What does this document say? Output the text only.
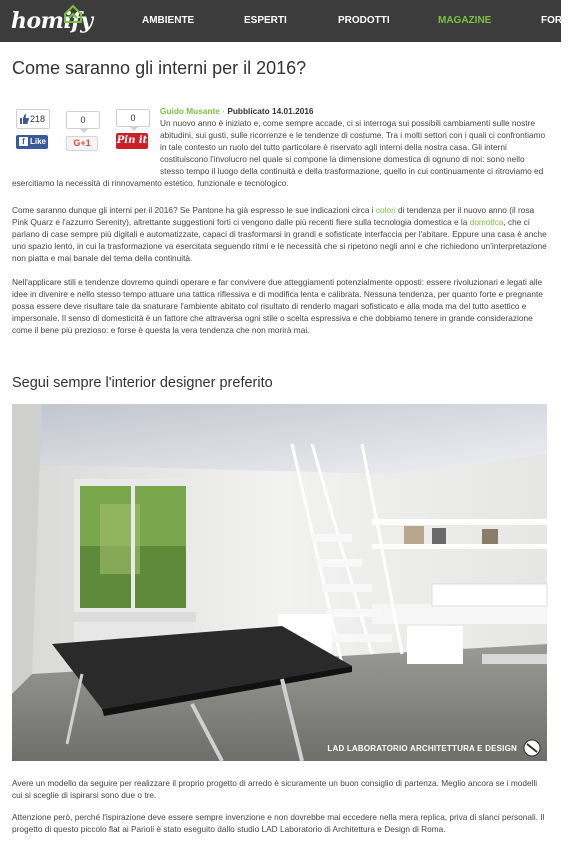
homify	AMBIENTE	ESPERTI	PRODOTTI	MAGAZINE	FORUM
Come saranno gli interni per il 2016?
218
f Like
0
G+1
0
Pin it
Guido Musante · Pubblicato 14.01.2016
Un nuovo anno è iniziato e, come sempre accade, ci si interroga sui possibili cambiamenti sulle nostre abitudini, sui gusti, sulle ricorrenze e le tendenze di costume. Tra i molti settori con i quali ci confrontiamo in tale contesto un ruolo del tutto particolare è riservato agli interni della nostra casa. Gli interni costituiscono l'involucro nel quale si compone la dimensione domestica di ognuno di noi: sono nello stesso tempo il luogo della continuità e della trasformazione, quello in cui continuamente ci ritroviamo ed esercitiamo la necessità di rinnovamento estetico, funzionale e tecnologico.

Come saranno dunque gli interni per il 2016? Se Pantone ha già espresso le sue indicazioni circa i colori di tendenza per il nuovo anno (il rosa Pink Quarz e l'azzurro Serenity), altrettante suggestioni forti ci vengono dalle più recenti fiere sulla tecnologia domestica e la domotica, che ci parlano di case sempre più digitali e automatizzate, capaci di trasformarsi in grandi e sofisticate interfaccia per l'abitare. Eppure una casa è anche uno spazio lento, in cui la trasformazione va esercitata seguendo ritmi e le necessità che si ripetono negli anni e che richiedono un'interpretazione non piatta e mai banale del tema della continuità.

Nell'applicare stili e tendenze dovremo quindi operare e far convivere due atteggiamenti potenzialmente opposti: essere rivoluzionari e legati alle idee in divenire e nello stesso tempo attuare una tattica riflessiva e di modifica lenta e calibrata. Nessuna tendenza, per quanto forte e pregnante possa essere deve risultare tale da snaturare l'ambiente abitato col risultato di renderlo magari sofisticato e alla moda ma del tutto asettico e impersonale. Il senso di domesticità è un fattore che attraversa ogni stile o scelta espressiva e che dobbiamo tenere in grande considerazione come il bene più prezioso: e forse è questa la vera tendenza che non morirà mai.

Segui sempre l'interior designer preferito
LAD LABORATORIO ARCHITETTURA E DESIGN

Avere un modello da seguire per realizzare il proprio progetto di arredo è sicuramente un buon consiglio di partenza. Meglio ancora se i modelli cui si sceglie di ispirarsi sono due o tre.

Attenzione però, perché l'ispirazione deve essere sempre invenzione e non dovrebbe mai eccedere nella mera replica, priva di slanci personali. Il progetto di questo piccolo flat ai Parioli è stato eseguito dallo studio LAD Laboratorio di Architettura e Design di Roma.
